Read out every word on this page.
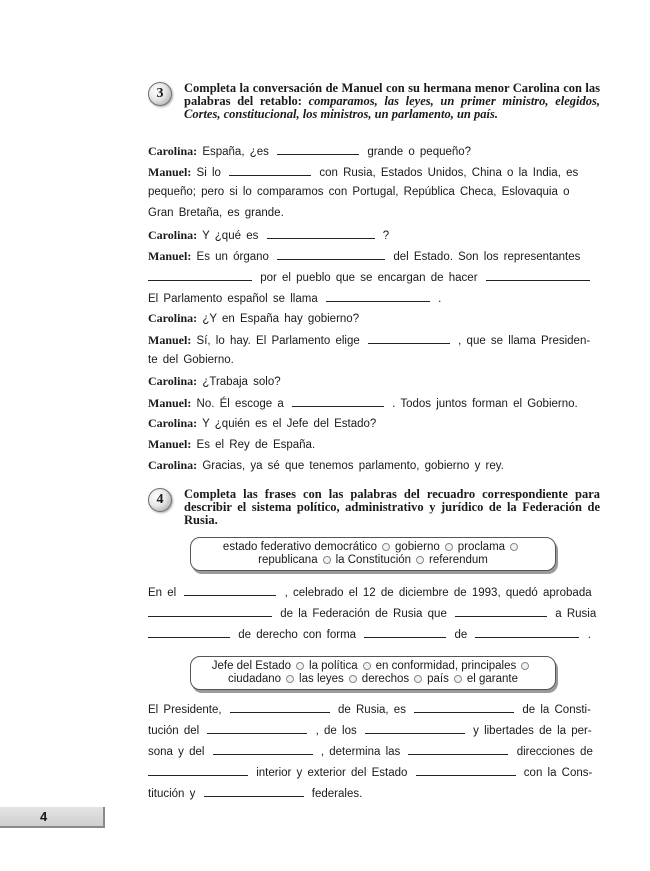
3	Completa la conversación de Manuel con su hermana menor Carolina con las palabras del retablo: comparamos, las leyes, un primer ministro, elegidos, Cortes, constitucional, los ministros, un parlamento, un país.
Carolina: España, ¿es	grande o pequeño?
Manuel: Si lo	con Rusia, Estados Unidos, China o la India, es
pequeño; pero si lo comparamos con Portugal, República Checa, Eslovaquia o
Gran Bretaña, es grande.
Carolina: Y ¿qué es	?
Manuel: Es un órgano	del Estado. Son los representantes
por el pueblo que se encargan de hacer
El Parlamento español se llama	.
Carolina: ¿Y en España hay gobierno?
Manuel: Sí, lo hay. El Parlamento elige	, que se llama Presiden-
te del Gobierno.
Carolina: ¿Trabaja solo?
Manuel: No. Él escoge a	. Todos juntos forman el Gobierno.
Carolina: Y ¿quién es el Jefe del Estado?
Manuel: Es el Rey de España.
Carolina: Gracias, ya sé que tenemos parlamento, gobierno y rey.
4	Completa las frases con las palabras del recuadro correspondiente para describir el sistema político, administrativo y jurídico de la Federación de Rusia.
estado federativo democrático gobierno proclama
republicana la Constitución referendum
En el	, celebrado el 12 de diciembre de 1993, quedó aprobada
de la Federación de Rusia que	a Rusia
de derecho con forma	de	.
Jefe del Estado la política en conformidad, principales
ciudadano las leyes derechos país el garante
El Presidente,	de Rusia, es	de la Consti-
tución del	, de los	y libertades de la per-
sona y del	, determina las	direcciones de
interior y exterior del Estado	con la Cons-
titución y	federales.
4
